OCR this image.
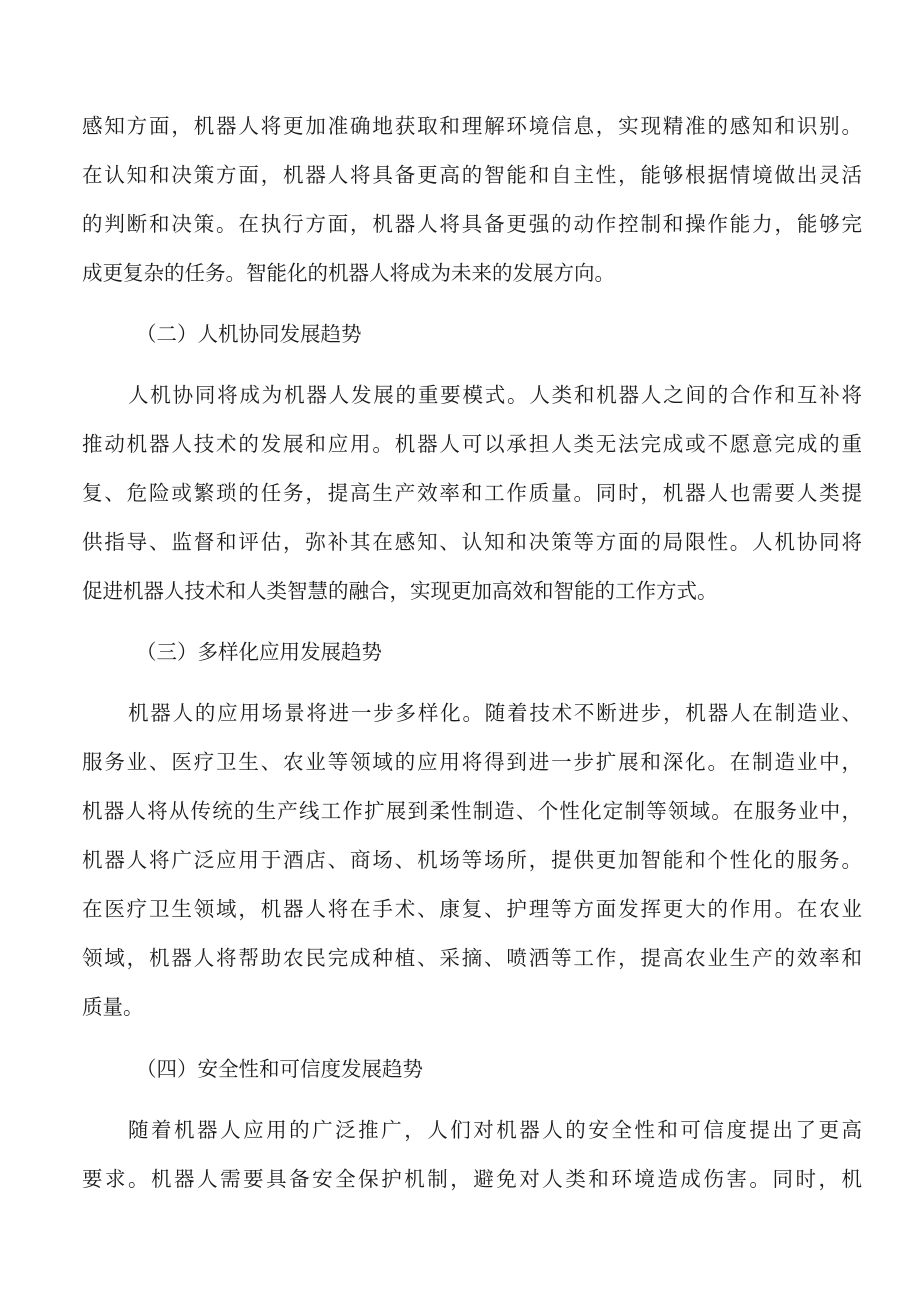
感知方面，机器人将更加准确地获取和理解环境信息，实现精准的感知和识别。
在认知和决策方面，机器人将具备更高的智能和自主性，能够根据情境做出灵活
的判断和决策。在执行方面，机器人将具备更强的动作控制和操作能力，能够完
成更复杂的任务。智能化的机器人将成为未来的发展方向。
（二）人机协同发展趋势
人机协同将成为机器人发展的重要模式。人类和机器人之间的合作和互补将
推动机器人技术的发展和应用。机器人可以承担人类无法完成或不愿意完成的重
复、危险或繁琐的任务，提高生产效率和工作质量。同时，机器人也需要人类提
供指导、监督和评估，弥补其在感知、认知和决策等方面的局限性。人机协同将
促进机器人技术和人类智慧的融合，实现更加高效和智能的工作方式。
（三）多样化应用发展趋势
机器人的应用场景将进一步多样化。随着技术不断进步，机器人在制造业、
服务业、医疗卫生、农业等领域的应用将得到进一步扩展和深化。在制造业中，
机器人将从传统的生产线工作扩展到柔性制造、个性化定制等领域。在服务业中，
机器人将广泛应用于酒店、商场、机场等场所，提供更加智能和个性化的服务。
在医疗卫生领域，机器人将在手术、康复、护理等方面发挥更大的作用。在农业
领域，机器人将帮助农民完成种植、采摘、喷洒等工作，提高农业生产的效率和
质量。
（四）安全性和可信度发展趋势
随着机器人应用的广泛推广，人们对机器人的安全性和可信度提出了更高
要求。机器人需要具备安全保护机制，避免对人类和环境造成伤害。同时，机
